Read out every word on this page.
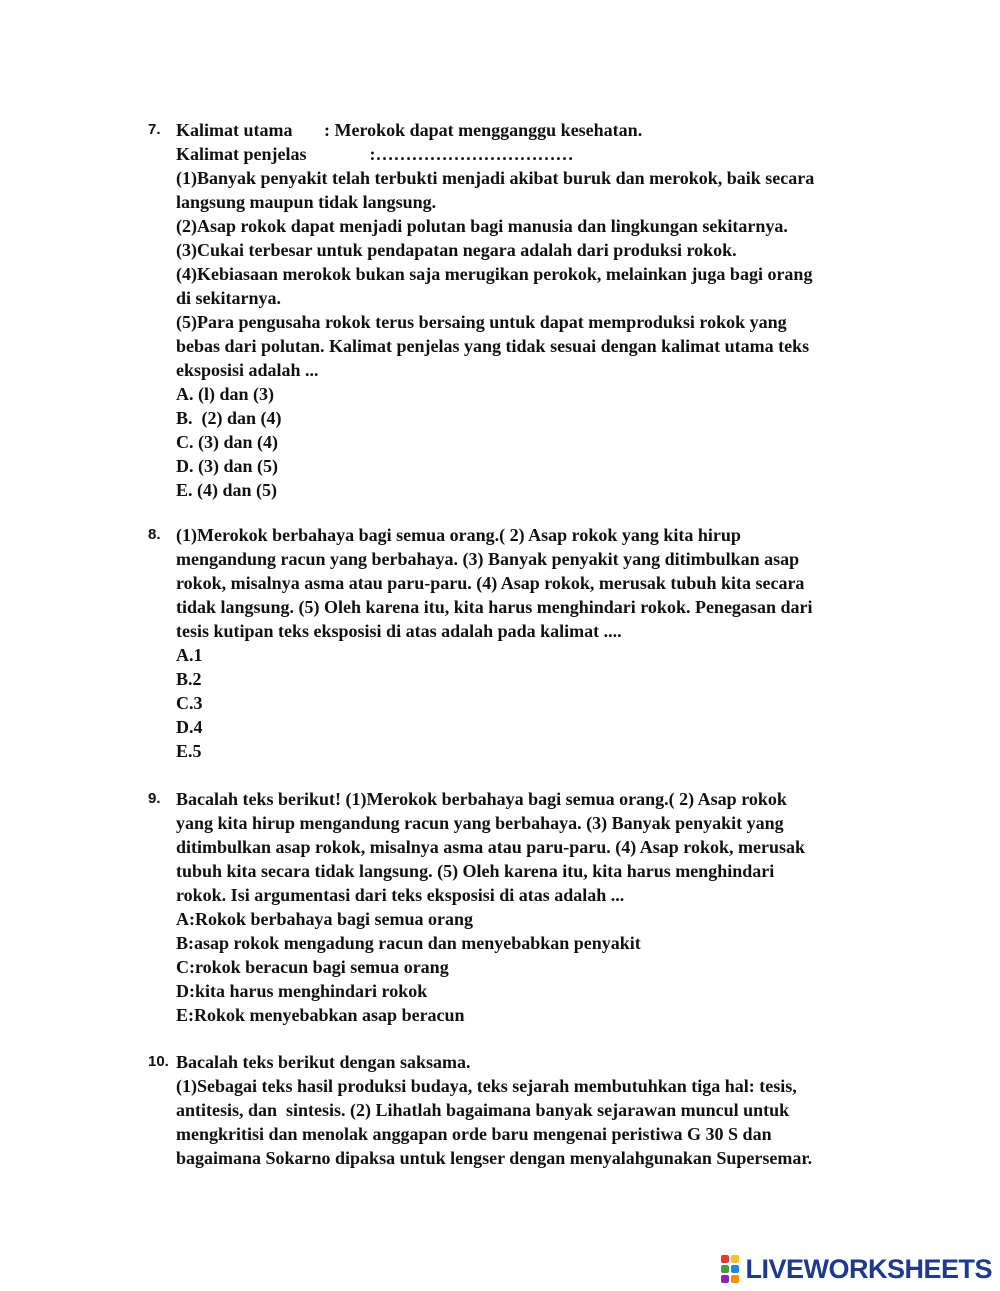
7. Kalimat utama       : Merokok dapat mengganggu kesehatan.
Kalimat penjelas              :……………………………
(1)Banyak penyakit telah terbukti menjadi akibat buruk dan merokok, baik secara
langsung maupun tidak langsung.
(2)Asap rokok dapat menjadi polutan bagi manusia dan lingkungan sekitarnya.
(3)Cukai terbesar untuk pendapatan negara adalah dari produksi rokok.
(4)Kebiasaan merokok bukan saja merugikan perokok, melainkan juga bagi orang
di sekitarnya.
(5)Para pengusaha rokok terus bersaing untuk dapat memproduksi rokok yang
bebas dari polutan. Kalimat penjelas yang tidak sesuai dengan kalimat utama teks
eksposisi adalah ...
A. (l) dan (3)
B.  (2) dan (4)
C. (3) dan (4)
D. (3) dan (5)
E. (4) dan (5)
8. (1)Merokok berbahaya bagi semua orang.( 2) Asap rokok yang kita hirup
mengandung racun yang berbahaya. (3) Banyak penyakit yang ditimbulkan asap
rokok, misalnya asma atau paru-paru. (4) Asap rokok, merusak tubuh kita secara
tidak langsung. (5) Oleh karena itu, kita harus menghindari rokok. Penegasan dari
tesis kutipan teks eksposisi di atas adalah pada kalimat ....
A.1
B.2
C.3
D.4
E.5
9. Bacalah teks berikut! (1)Merokok berbahaya bagi semua orang.( 2) Asap rokok
yang kita hirup mengandung racun yang berbahaya. (3) Banyak penyakit yang
ditimbulkan asap rokok, misalnya asma atau paru-paru. (4) Asap rokok, merusak
tubuh kita secara tidak langsung. (5) Oleh karena itu, kita harus menghindari
rokok. Isi argumentasi dari teks eksposisi di atas adalah ...
A:Rokok berbahaya bagi semua orang
B:asap rokok mengadung racun dan menyebabkan penyakit
C:rokok beracun bagi semua orang
D:kita harus menghindari rokok
E:Rokok menyebabkan asap beracun
10. Bacalah teks berikut dengan saksama.
(1)Sebagai teks hasil produksi budaya, teks sejarah membutuhkan tiga hal: tesis,
antitesis, dan  sintesis. (2) Lihatlah bagaimana banyak sejarawan muncul untuk
mengkritisi dan menolak anggapan orde baru mengenai peristiwa G 30 S dan
bagaimana Sokarno dipaksa untuk lengser dengan menyalahgunakan Supersemar.
LIVEWORKSHEETS
